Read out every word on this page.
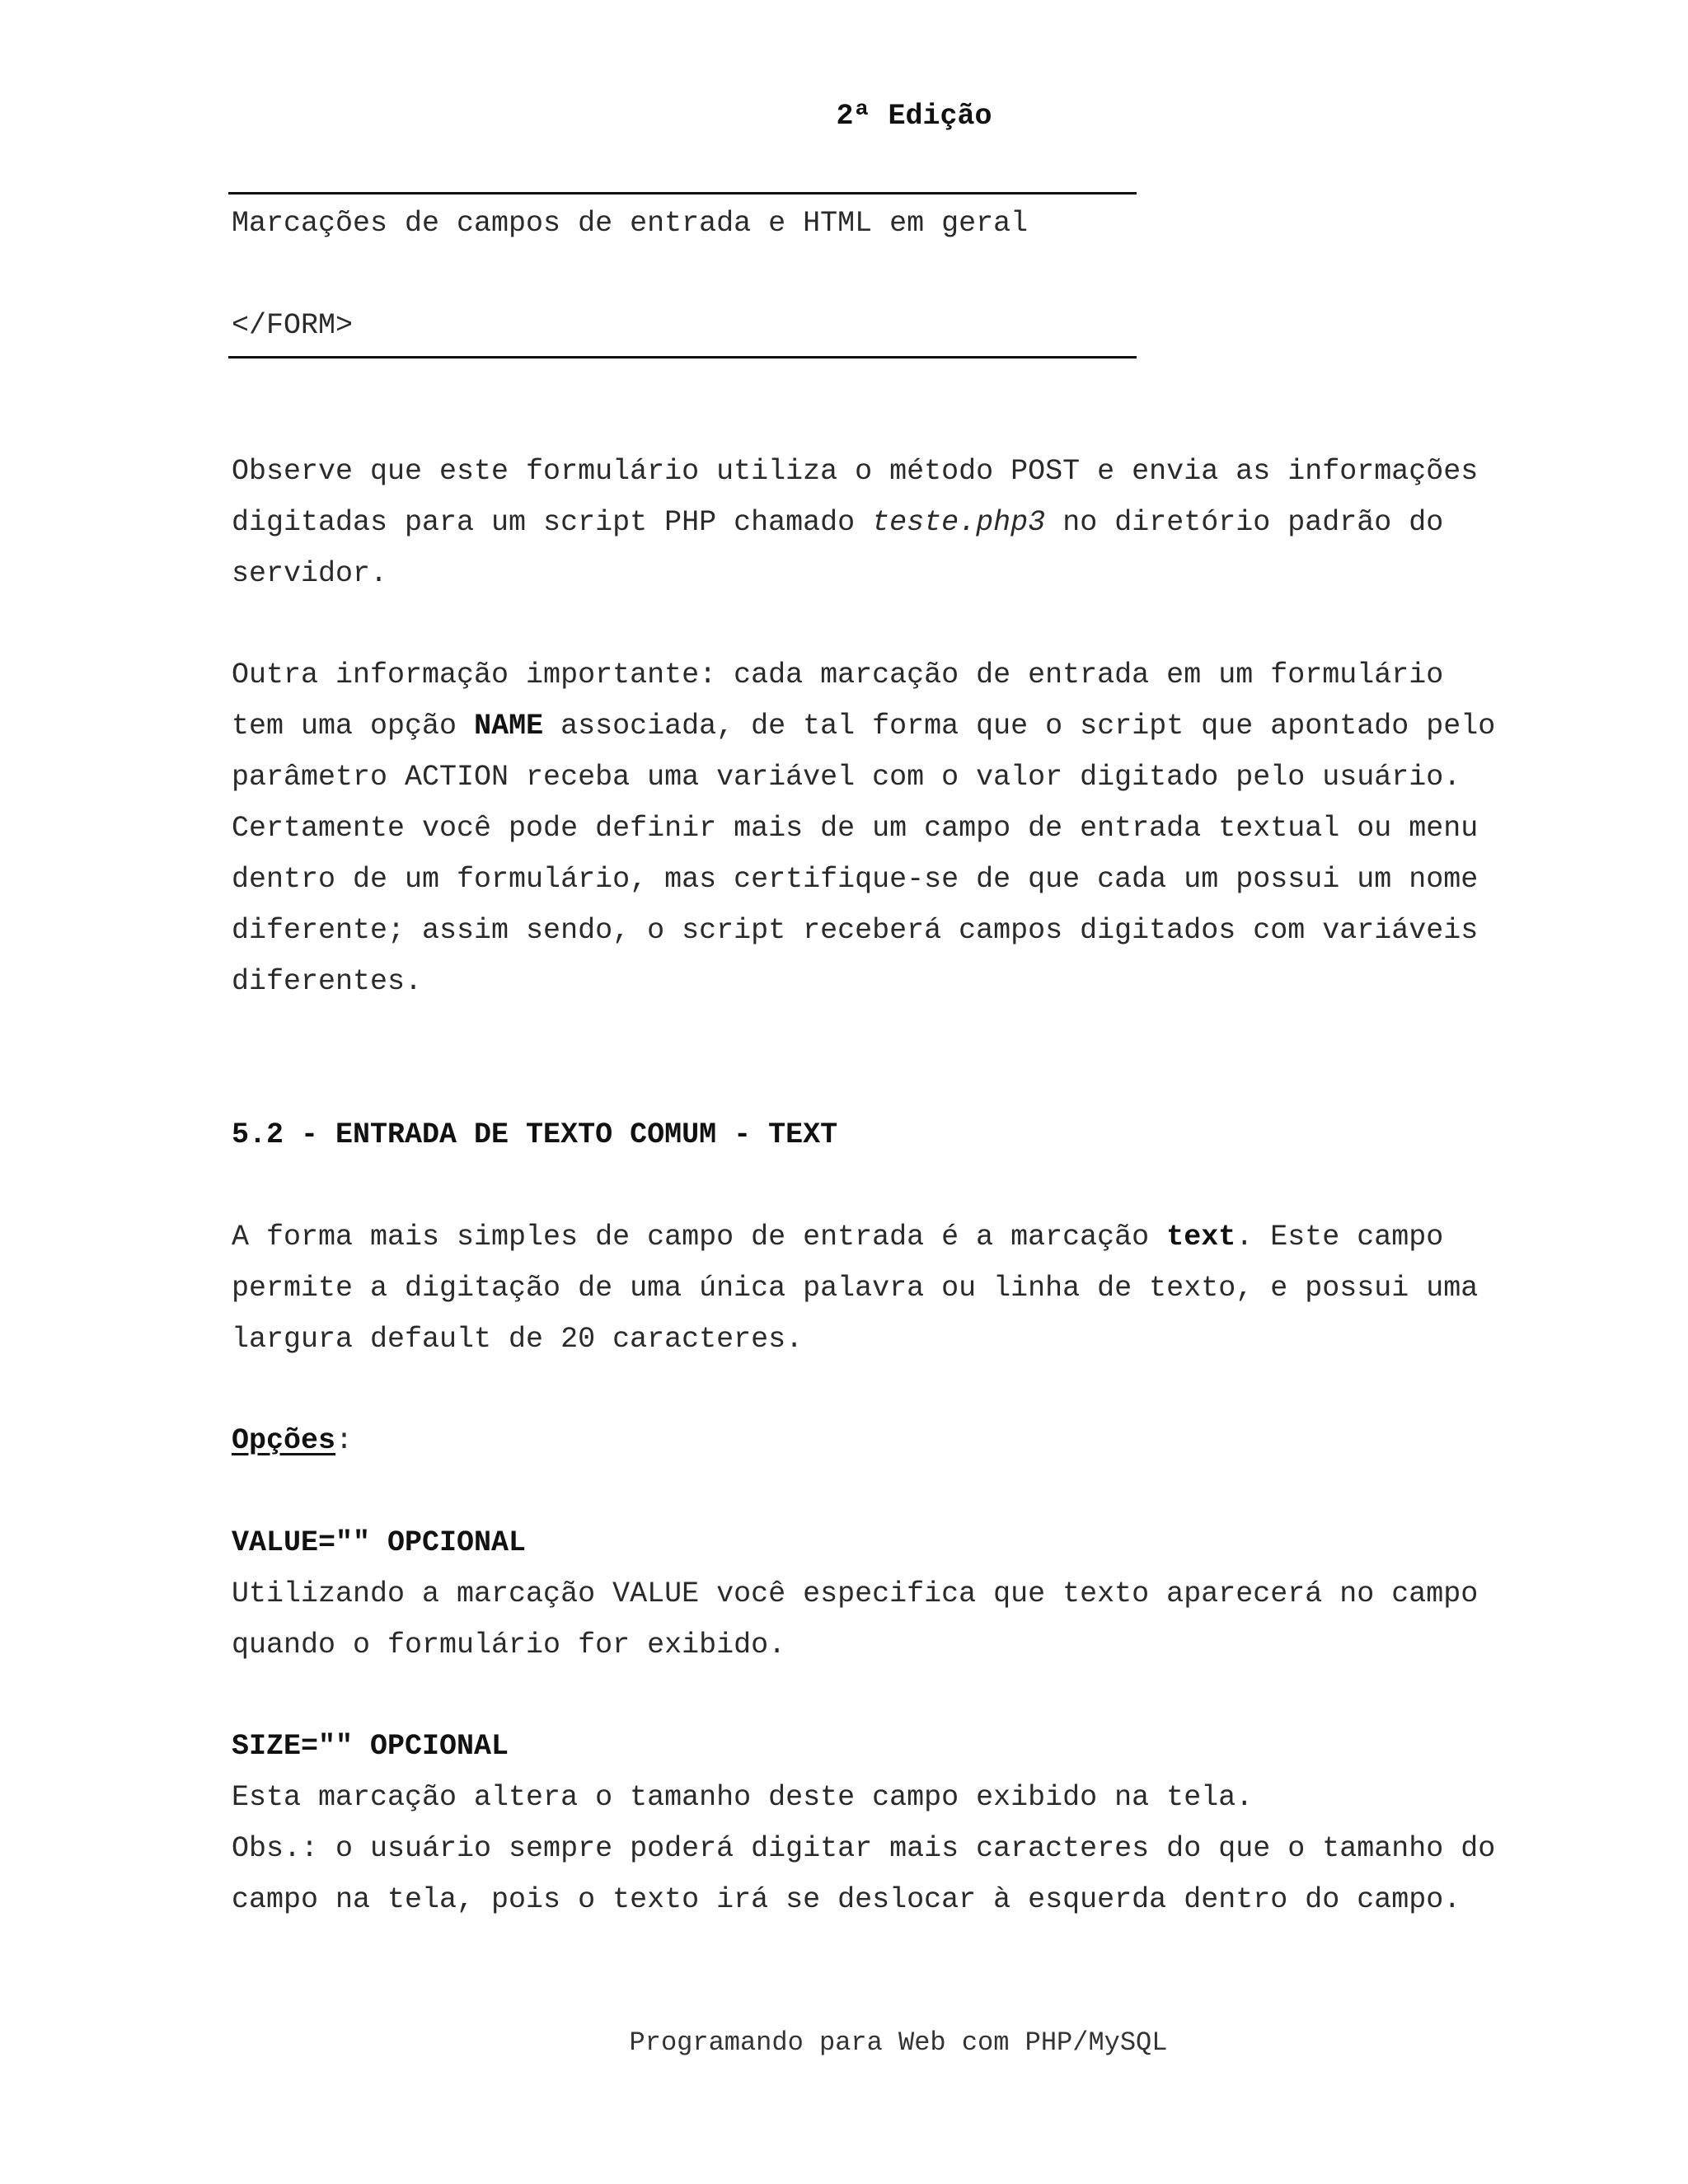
2ª Edição
Marcações de campos de entrada e HTML em geral
</FORM>
Observe que este formulário utiliza o método POST e envia as informações
digitadas para um script PHP chamado teste.php3 no diretório padrão do
servidor.
Outra informação importante: cada marcação de entrada em um formulário
tem uma opção NAME associada, de tal forma que o script que apontado pelo
parâmetro ACTION receba uma variável com o valor digitado pelo usuário.
Certamente você pode definir mais de um campo de entrada textual ou menu
dentro de um formulário, mas certifique-se de que cada um possui um nome
diferente; assim sendo, o script receberá campos digitados com variáveis
diferentes.
5.2 - ENTRADA DE TEXTO COMUM - TEXT
A forma mais simples de campo de entrada é a marcação text. Este campo
permite a digitação de uma única palavra ou linha de texto, e possui uma
largura default de 20 caracteres.
Opções:
VALUE="" OPCIONAL
Utilizando a marcação VALUE você especifica que texto aparecerá no campo
quando o formulário for exibido.
SIZE="" OPCIONAL
Esta marcação altera o tamanho deste campo exibido na tela.
Obs.: o usuário sempre poderá digitar mais caracteres do que o tamanho do
campo na tela, pois o texto irá se deslocar à esquerda dentro do campo.
Programando para Web com PHP/MySQL
